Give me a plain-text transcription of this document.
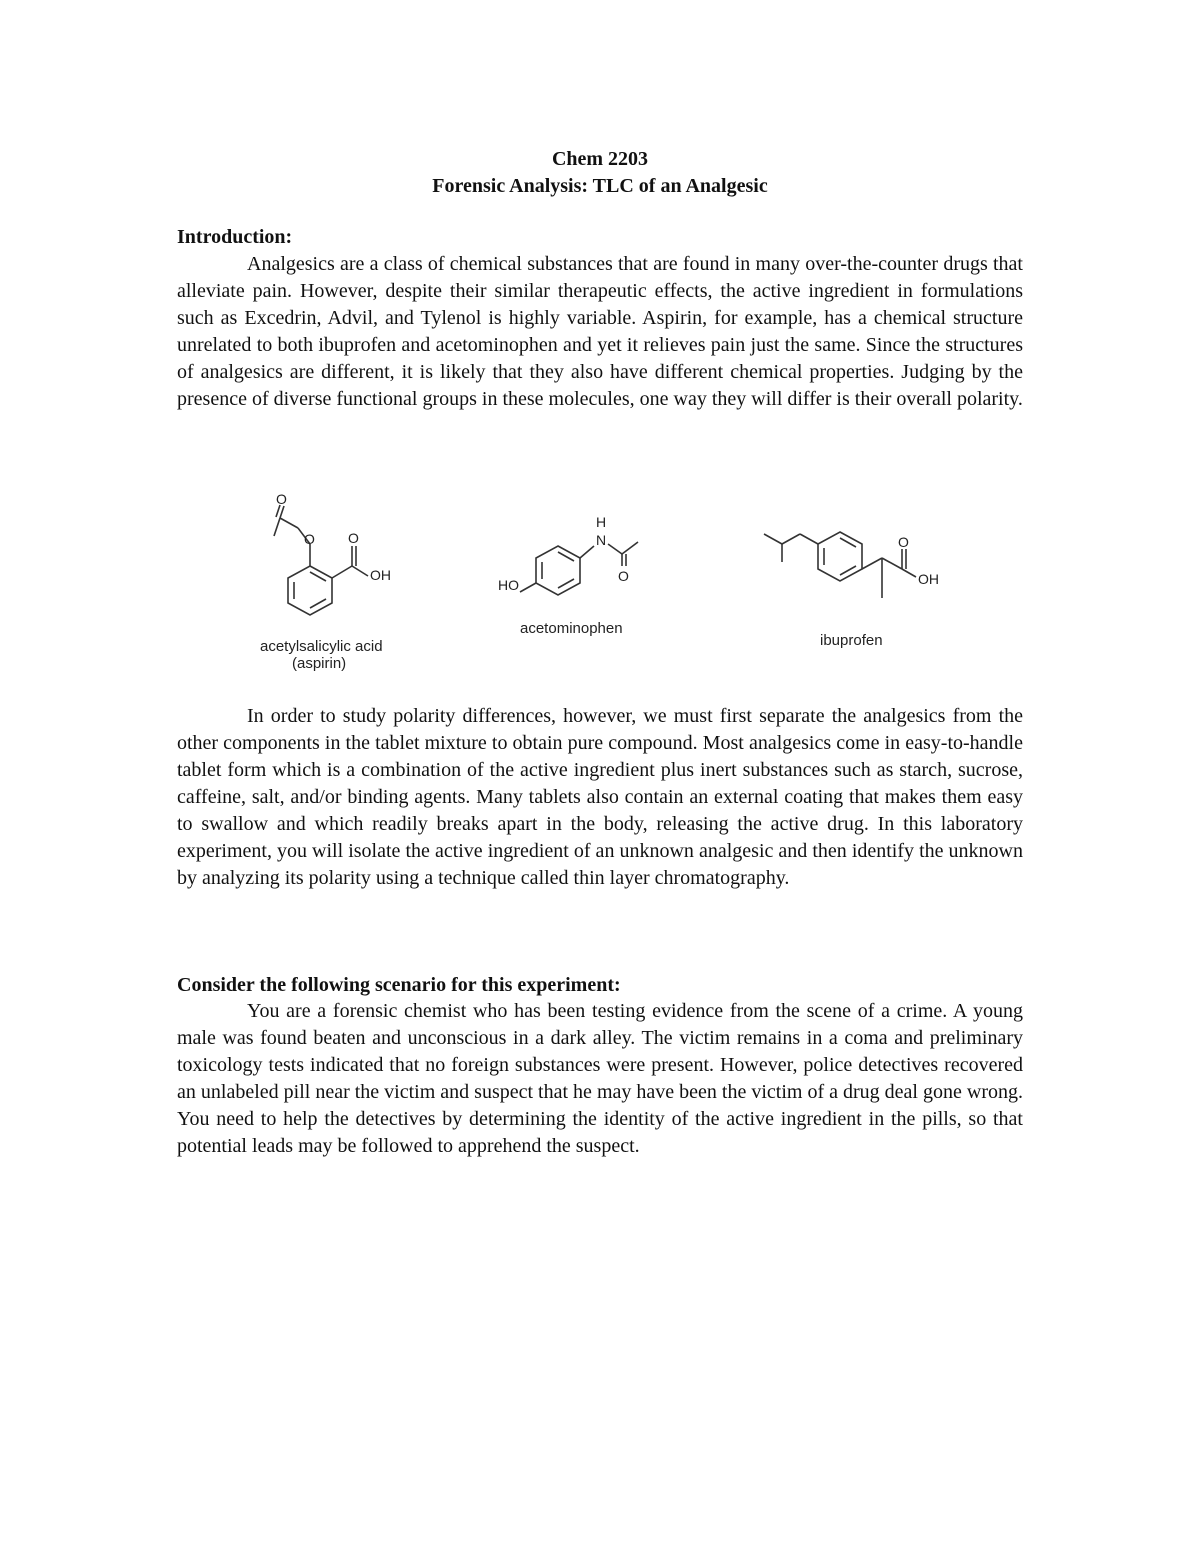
Chem 2203
Forensic Analysis: TLC of an Analgesic
Introduction:
Analgesics are a class of chemical substances that are found in many over-the-counter drugs that alleviate pain. However, despite their similar therapeutic effects, the active ingredient in formulations such as Excedrin, Advil, and Tylenol is highly variable. Aspirin, for example, has a chemical structure unrelated to both ibuprofen and acetominophen and yet it relieves pain just the same. Since the structures of analgesics are different, it is likely that they also have different chemical properties. Judging by the presence of diverse functional groups in these molecules, one way they will differ is their overall polarity.
O
O O
OH
acetylsalicylic acid
(aspirin)
H
N
O
HO
acetominophen
O
OH
ibuprofen
In order to study polarity differences, however, we must first separate the analgesics from the other components in the tablet mixture to obtain pure compound. Most analgesics come in easy-to-handle tablet form which is a combination of the active ingredient plus inert substances such as starch, sucrose, caffeine, salt, and/or binding agents. Many tablets also contain an external coating that makes them easy to swallow and which readily breaks apart in the body, releasing the active drug. In this laboratory experiment, you will isolate the active ingredient of an unknown analgesic and then identify the unknown by analyzing its polarity using a technique called thin layer chromatography.
Consider the following scenario for this experiment:
You are a forensic chemist who has been testing evidence from the scene of a crime. A young male was found beaten and unconscious in a dark alley. The victim remains in a coma and preliminary toxicology tests indicated that no foreign substances were present. However, police detectives recovered an unlabeled pill near the victim and suspect that he may have been the victim of a drug deal gone wrong. You need to help the detectives by determining the identity of the active ingredient in the pills, so that potential leads may be followed to apprehend the suspect.
